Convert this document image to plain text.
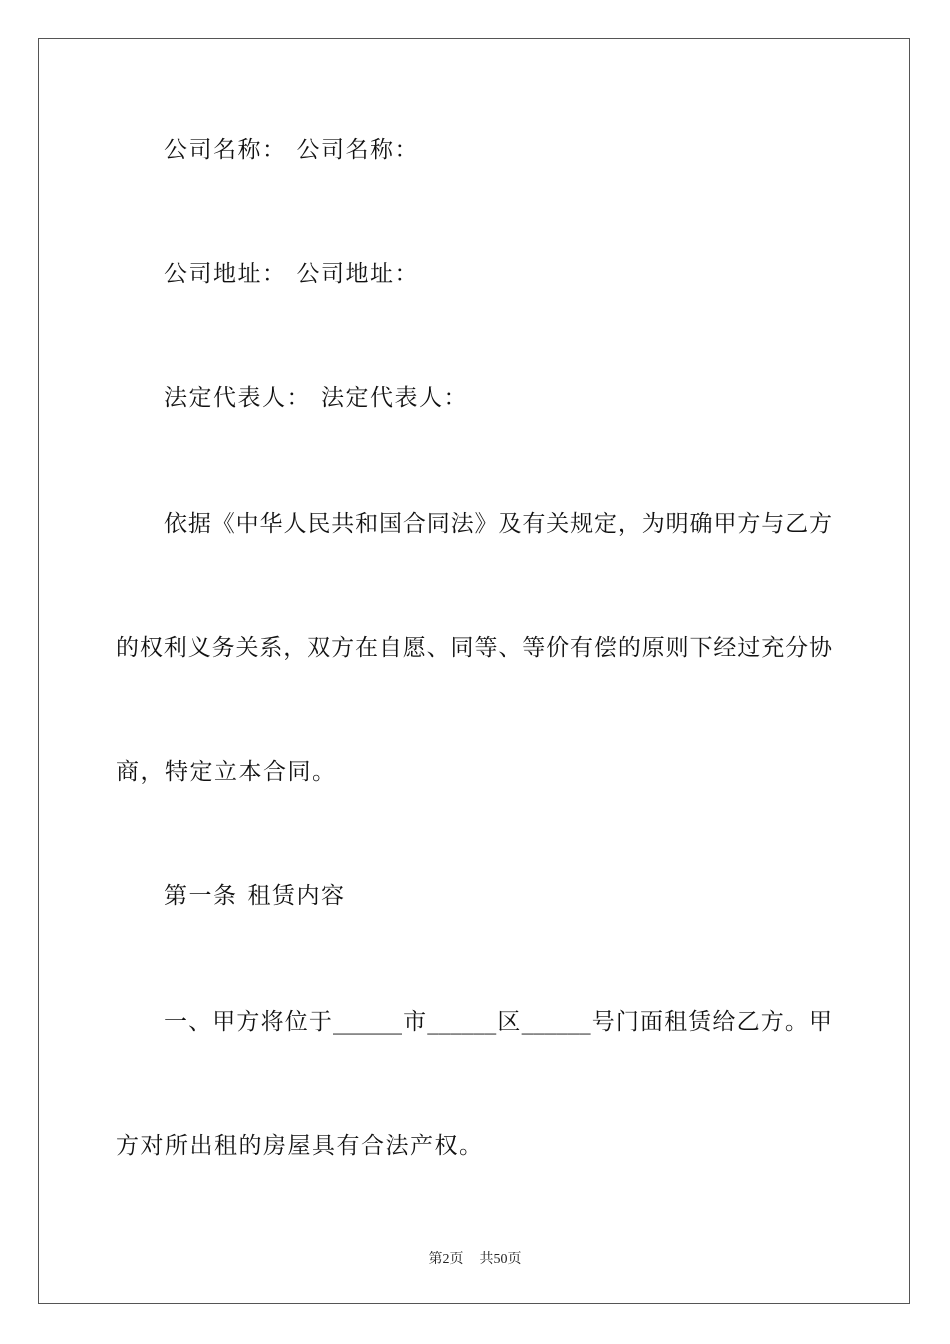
公司名称： 公司名称：
公司地址： 公司地址：
法定代表人： 法定代表人：
依据《中华人民共和国合同法》及有关规定，为明确甲方与乙方
的权利义务关系，双方在自愿、同等、等价有偿的原则下经过充分协
商，特定立本合同。
第一条 租赁内容
一、甲方将位于______市______区______号门面租赁给乙方。甲
方对所出租的房屋具有合法产权。
第2页 共50页
